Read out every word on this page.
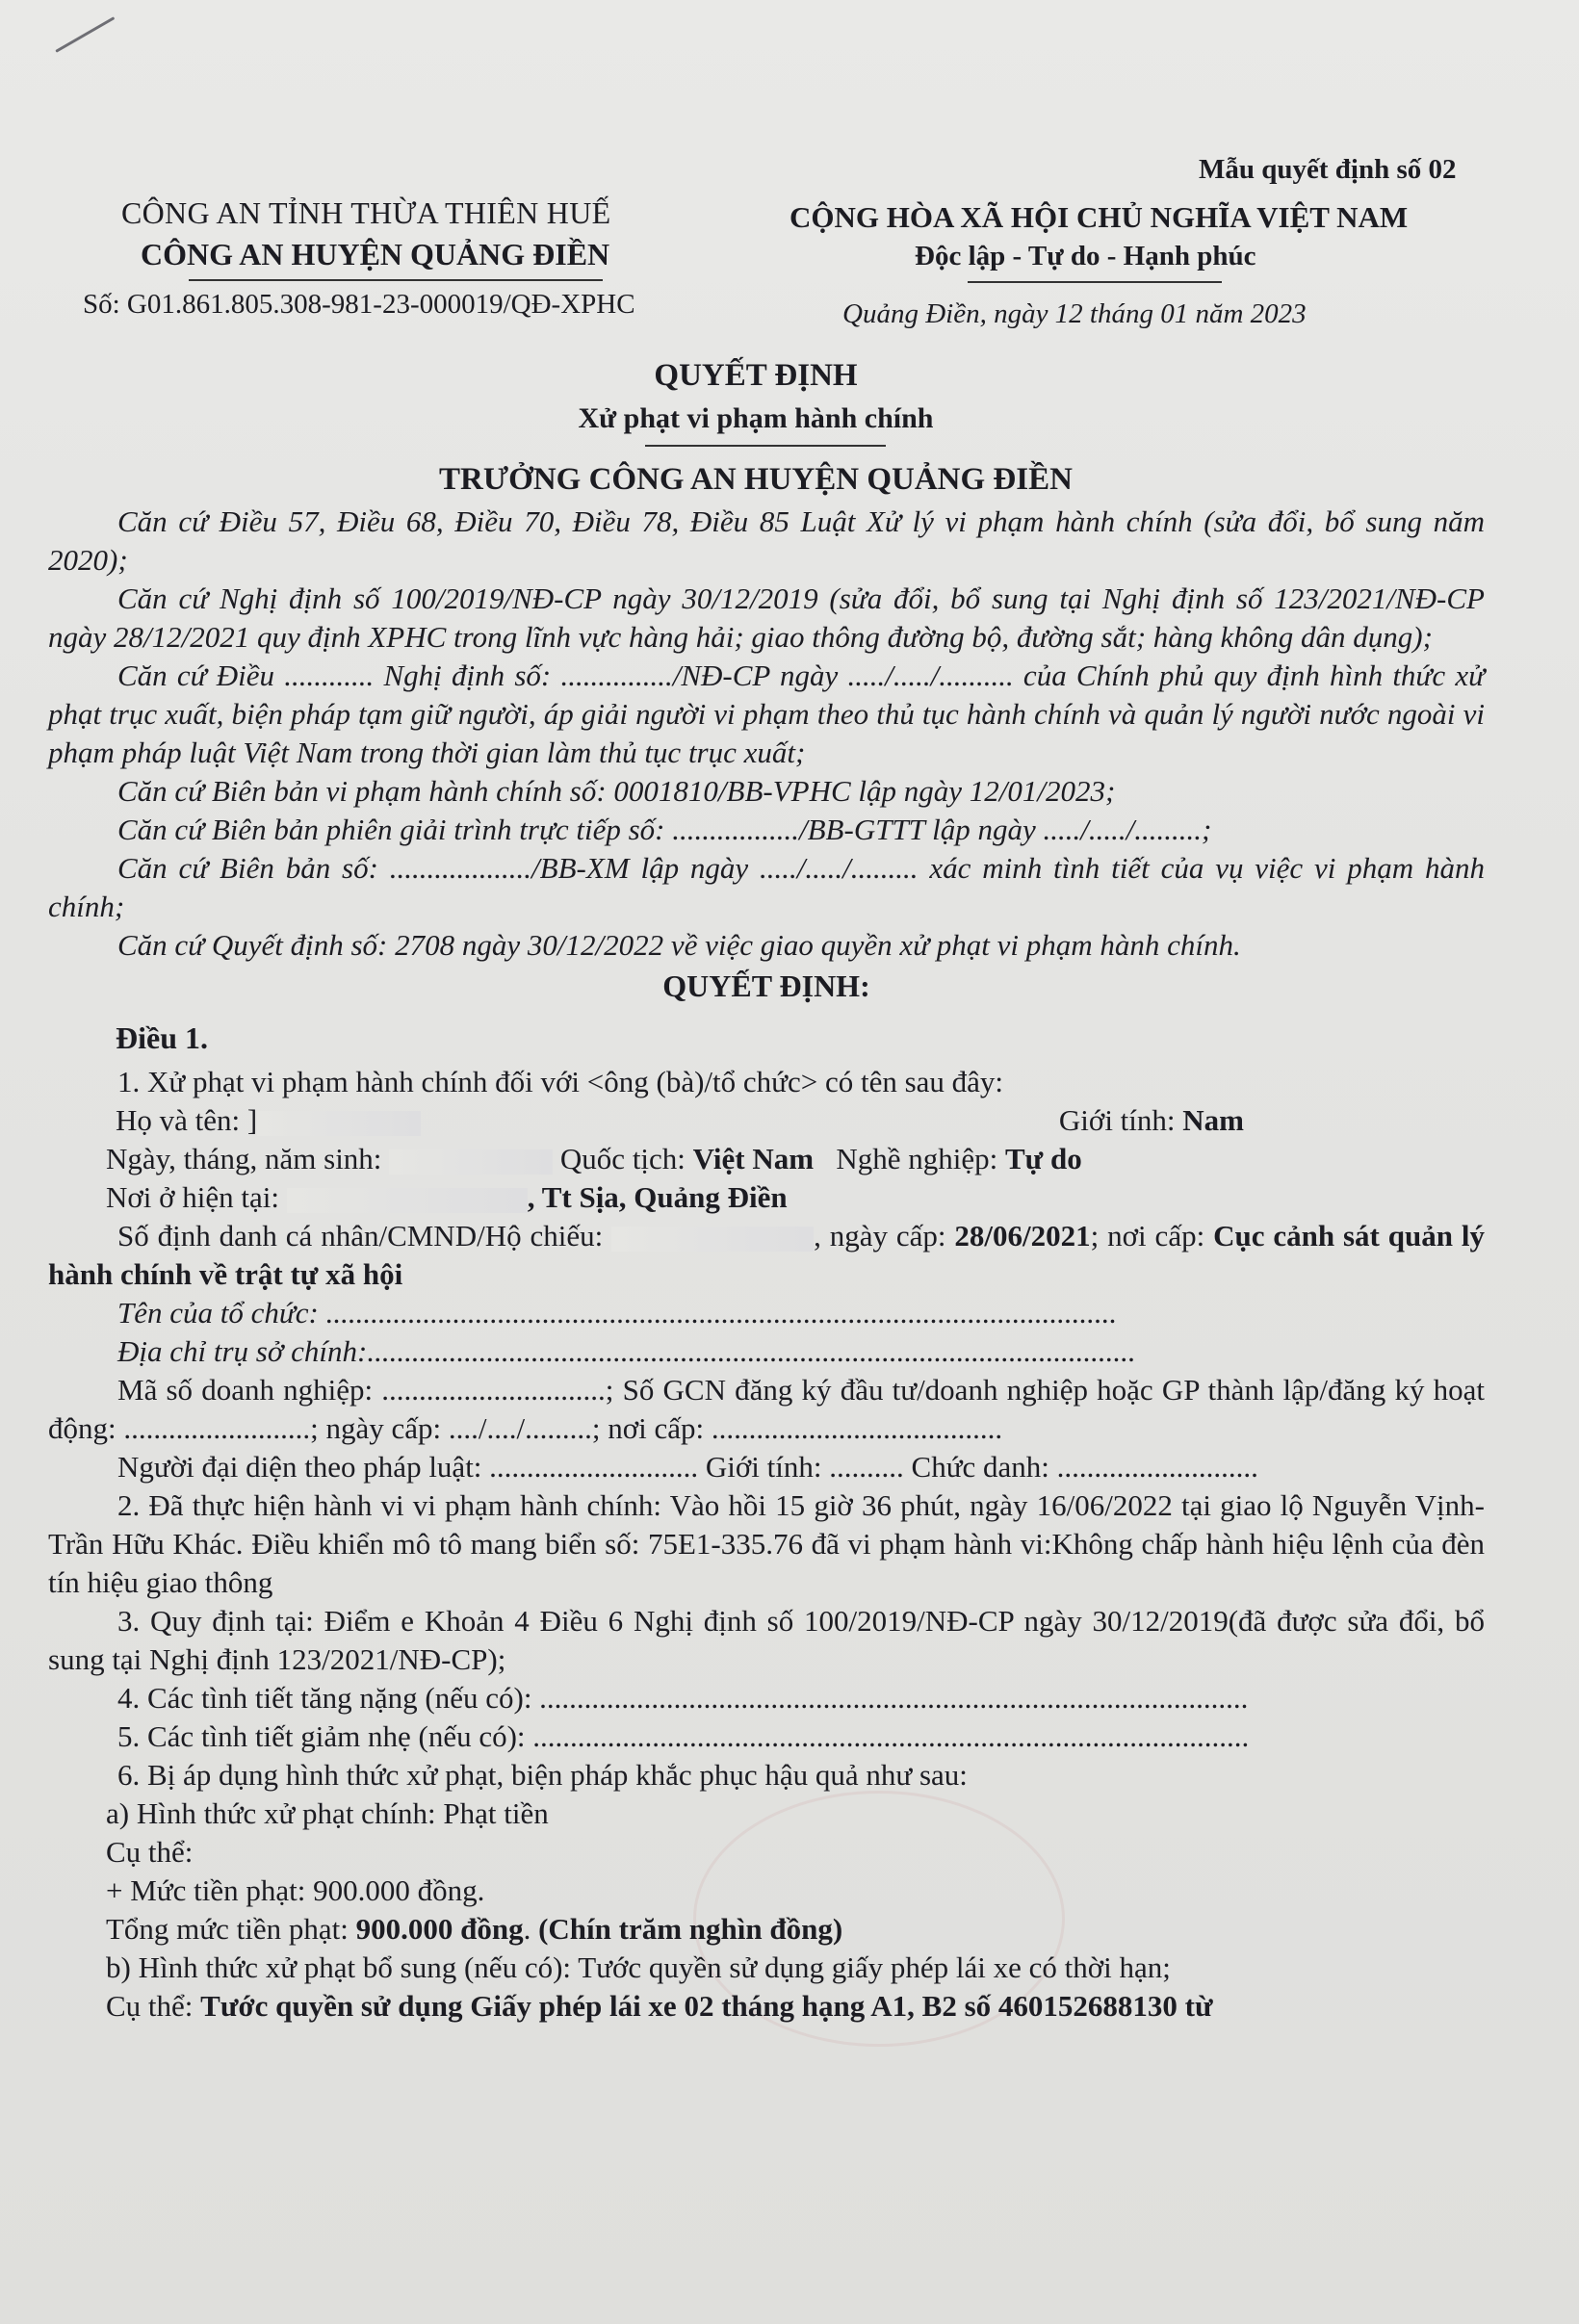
Mẫu quyết định số 02
CÔNG AN TỈNH THỪA THIÊN HUẾ
CÔNG AN HUYỆN QUẢNG ĐIỀN
Số: G01.861.805.308-981-23-000019/QĐ-XPHC
CỘNG HÒA XÃ HỘI CHỦ NGHĨA VIỆT NAM
Độc lập - Tự do - Hạnh phúc
Quảng Điền, ngày 12 tháng 01 năm 2023
QUYẾT ĐỊNH
Xử phạt vi phạm hành chính
TRƯỞNG CÔNG AN HUYỆN QUẢNG ĐIỀN

Căn cứ Điều 57, Điều 68, Điều 70, Điều 78, Điều 85 Luật Xử lý vi phạm hành chính (sửa đổi, bổ sung năm 2020);

Căn cứ Nghị định số 100/2019/NĐ-CP ngày 30/12/2019 (sửa đổi, bổ sung tại Nghị định số 123/2021/NĐ-CP ngày 28/12/2021 quy định XPHC trong lĩnh vực hàng hải; giao thông đường bộ, đường sắt; hàng không dân dụng);

Căn cứ Điều ............ Nghị định số: .............../NĐ-CP ngày ...../...../.......... của Chính phủ quy định hình thức xử phạt trục xuất, biện pháp tạm giữ người, áp giải người vi phạm theo thủ tục hành chính và quản lý người nước ngoài vi phạm pháp luật Việt Nam trong thời gian làm thủ tục trục xuất;

Căn cứ Biên bản vi phạm hành chính số: 0001810/BB-VPHC lập ngày 12/01/2023;

Căn cứ Biên bản phiên giải trình trực tiếp số: ................./BB-GTTT lập ngày ...../...../.........;

Căn cứ Biên bản số: .................../BB-XM lập ngày ...../...../......... xác minh tình tiết của vụ việc vi phạm hành chính;

Căn cứ Quyết định số: 2708 ngày 30/12/2022 về việc giao quyền xử phạt vi phạm hành chính.

QUYẾT ĐỊNH:

Điều 1.

1. Xử phạt vi phạm hành chính đối với <ông (bà)/tổ chức> có tên sau đây:

Họ và tên: ]	Giới tính: Nam

Ngày, tháng, năm sinh:	Quốc tịch: Việt Nam Nghề nghiệp: Tự do

Nơi ở hiện tại:	, Tt Sịa, Quảng Điền

Số định danh cá nhân/CMND/Hộ chiếu:	, ngày cấp: 28/06/2021; nơi cấp: Cục cảnh sát quản lý hành chính về trật tự xã hội

Tên của tổ chức: ..........................................................................................................

Địa chỉ trụ sở chính:.......................................................................................................

Mã số doanh nghiệp: ..............................; Số GCN đăng ký đầu tư/doanh nghiệp hoặc GP thành lập/đăng ký hoạt động: .........................; ngày cấp: ..../..../.........; nơi cấp: .......................................

Người đại diện theo pháp luật: ............................ Giới tính: .......... Chức danh: ...........................

2. Đã thực hiện hành vi vi phạm hành chính: Vào hồi 15 giờ 36 phút, ngày 16/06/2022 tại giao lộ Nguyễn Vịnh- Trần Hữu Khác. Điều khiển mô tô mang biển số: 75E1-335.76 đã vi phạm hành vi:Không chấp hành hiệu lệnh của đèn tín hiệu giao thông

3. Quy định tại: Điểm e Khoản 4 Điều 6 Nghị định số 100/2019/NĐ-CP ngày 30/12/2019(đã được sửa đổi, bổ sung tại Nghị định 123/2021/NĐ-CP);

4. Các tình tiết tăng nặng (nếu có): ...............................................................................................

5. Các tình tiết giảm nhẹ (nếu có): ................................................................................................

6. Bị áp dụng hình thức xử phạt, biện pháp khắc phục hậu quả như sau:

a) Hình thức xử phạt chính: Phạt tiền

Cụ thể:

+ Mức tiền phạt: 900.000 đồng.

Tổng mức tiền phạt: 900.000 đồng. (Chín trăm nghìn đồng)

b) Hình thức xử phạt bổ sung (nếu có): Tước quyền sử dụng giấy phép lái xe có thời hạn;

Cụ thể: Tước quyền sử dụng Giấy phép lái xe 02 tháng hạng A1, B2 số 460152688130 từ
